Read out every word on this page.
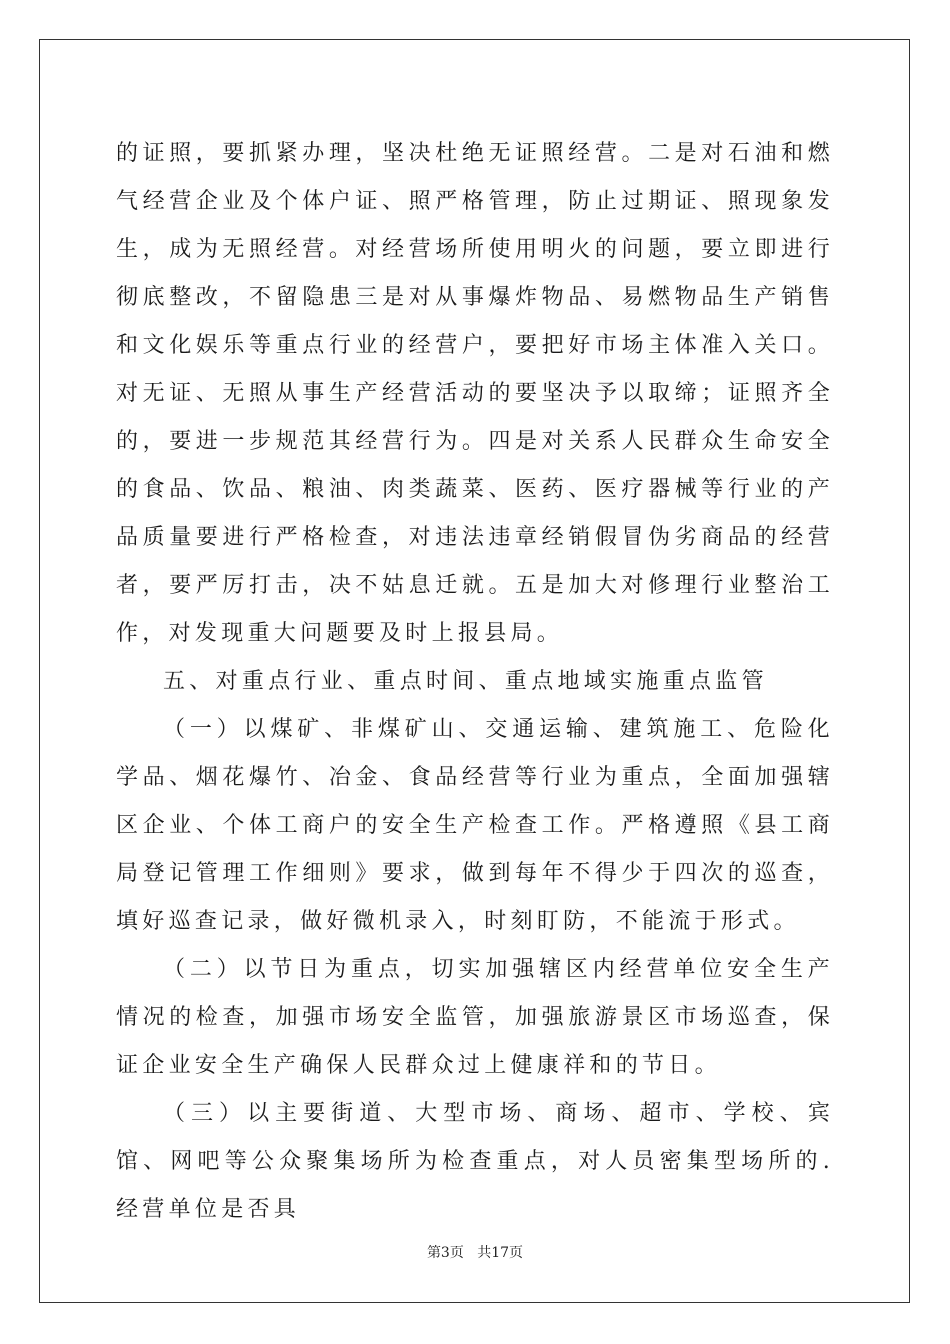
的证照，要抓紧办理，坚决杜绝无证照经营。二是对石油和燃气经营企业及个体户证、照严格管理，防止过期证、照现象发生，成为无照经营。对经营场所使用明火的问题，要立即进行彻底整改，不留隐患三是对从事爆炸物品、易燃物品生产销售和文化娱乐等重点行业的经营户，要把好市场主体准入关口。对无证、无照从事生产经营活动的要坚决予以取缔；证照齐全的，要进一步规范其经营行为。四是对关系人民群众生命安全的食品、饮品、粮油、肉类蔬菜、医药、医疗器械等行业的产品质量要进行严格检查，对违法违章经销假冒伪劣商品的经营者，要严厉打击，决不姑息迁就。五是加大对修理行业整治工作，对发现重大问题要及时上报县局。

五、对重点行业、重点时间、重点地域实施重点监管

（一）以煤矿、非煤矿山、交通运输、建筑施工、危险化学品、烟花爆竹、冶金、食品经营等行业为重点，全面加强辖区企业、个体工商户的安全生产检查工作。严格遵照《县工商局登记管理工作细则》要求，做到每年不得少于四次的巡查，填好巡查记录，做好微机录入，时刻盯防，不能流于形式。

（二）以节日为重点，切实加强辖区内经营单位安全生产情况的检查，加强市场安全监管，加强旅游景区市场巡查，保证企业安全生产确保人民群众过上健康祥和的节日。

（三）以主要街道、大型市场、商场、超市、学校、宾馆、网吧等公众聚集场所为检查重点，对人员密集型场所的.经营单位是否具

第3页 共17页
